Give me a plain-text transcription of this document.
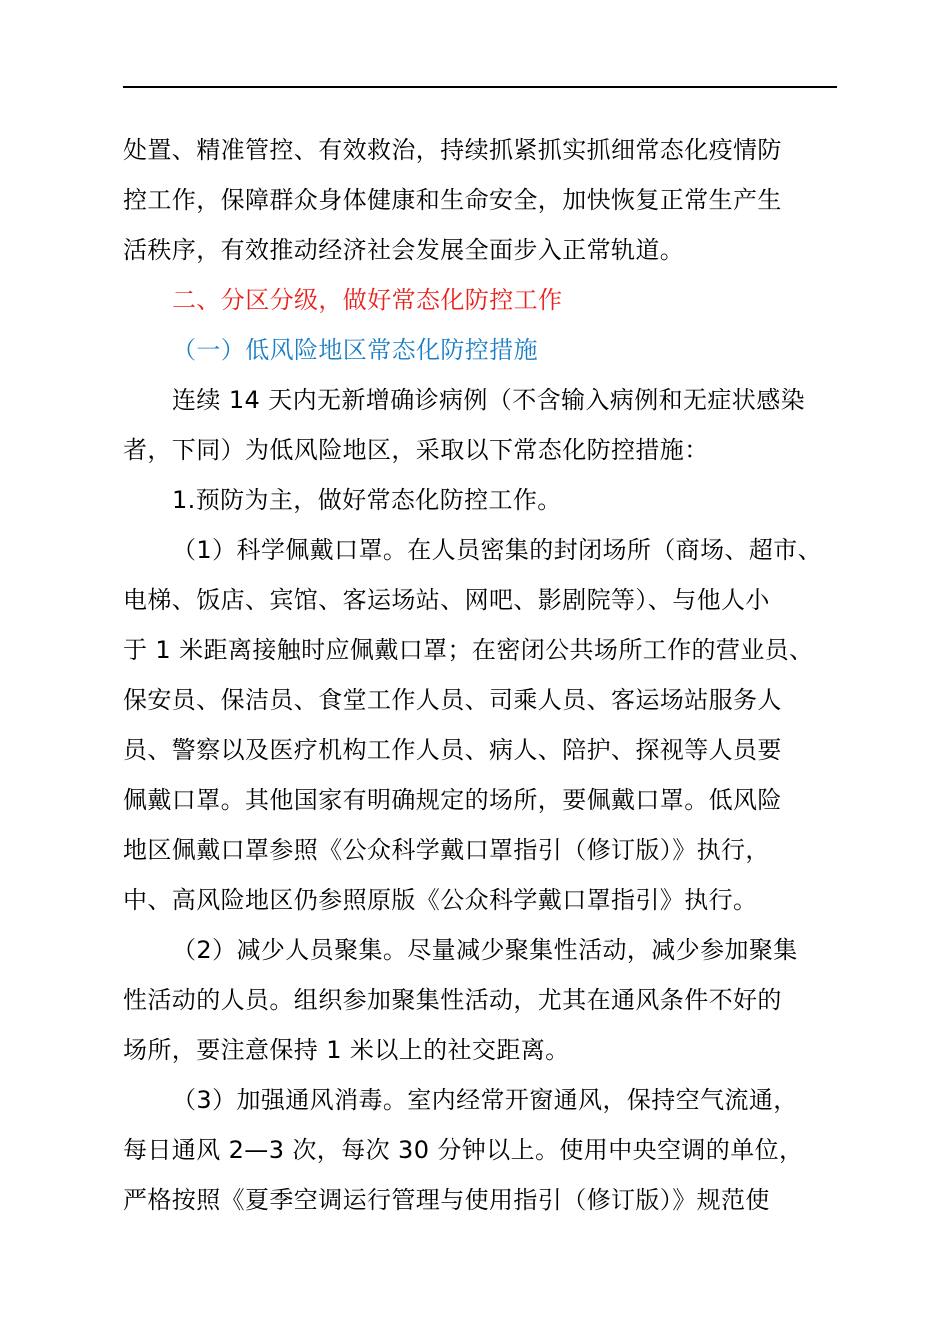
处置、精准管控、有效救治，持续抓紧抓实抓细常态化疫情防
控工作，保障群众身体健康和生命安全，加快恢复正常生产生
活秩序，有效推动经济社会发展全面步入正常轨道。
二、分区分级，做好常态化防控工作
（一）低风险地区常态化防控措施
连续 14 天内无新增确诊病例（不含输入病例和无症状感染
者，下同）为低风险地区，采取以下常态化防控措施：
1.预防为主，做好常态化防控工作。
（1）科学佩戴口罩。在人员密集的封闭场所（商场、超市、
电梯、饭店、宾馆、客运场站、网吧、影剧院等）、与他人小
于 1 米距离接触时应佩戴口罩；在密闭公共场所工作的营业员、
保安员、保洁员、食堂工作人员、司乘人员、客运场站服务人
员、警察以及医疗机构工作人员、病人、陪护、探视等人员要
佩戴口罩。其他国家有明确规定的场所，要佩戴口罩。低风险
地区佩戴口罩参照《公众科学戴口罩指引（修订版）》执行，
中、高风险地区仍参照原版《公众科学戴口罩指引》执行。
（2）减少人员聚集。尽量减少聚集性活动，减少参加聚集
性活动的人员。组织参加聚集性活动，尤其在通风条件不好的
场所，要注意保持 1 米以上的社交距离。
（3）加强通风消毒。室内经常开窗通风，保持空气流通，
每日通风 2—3 次，每次 30 分钟以上。使用中央空调的单位，
严格按照《夏季空调运行管理与使用指引（修订版）》规范使
